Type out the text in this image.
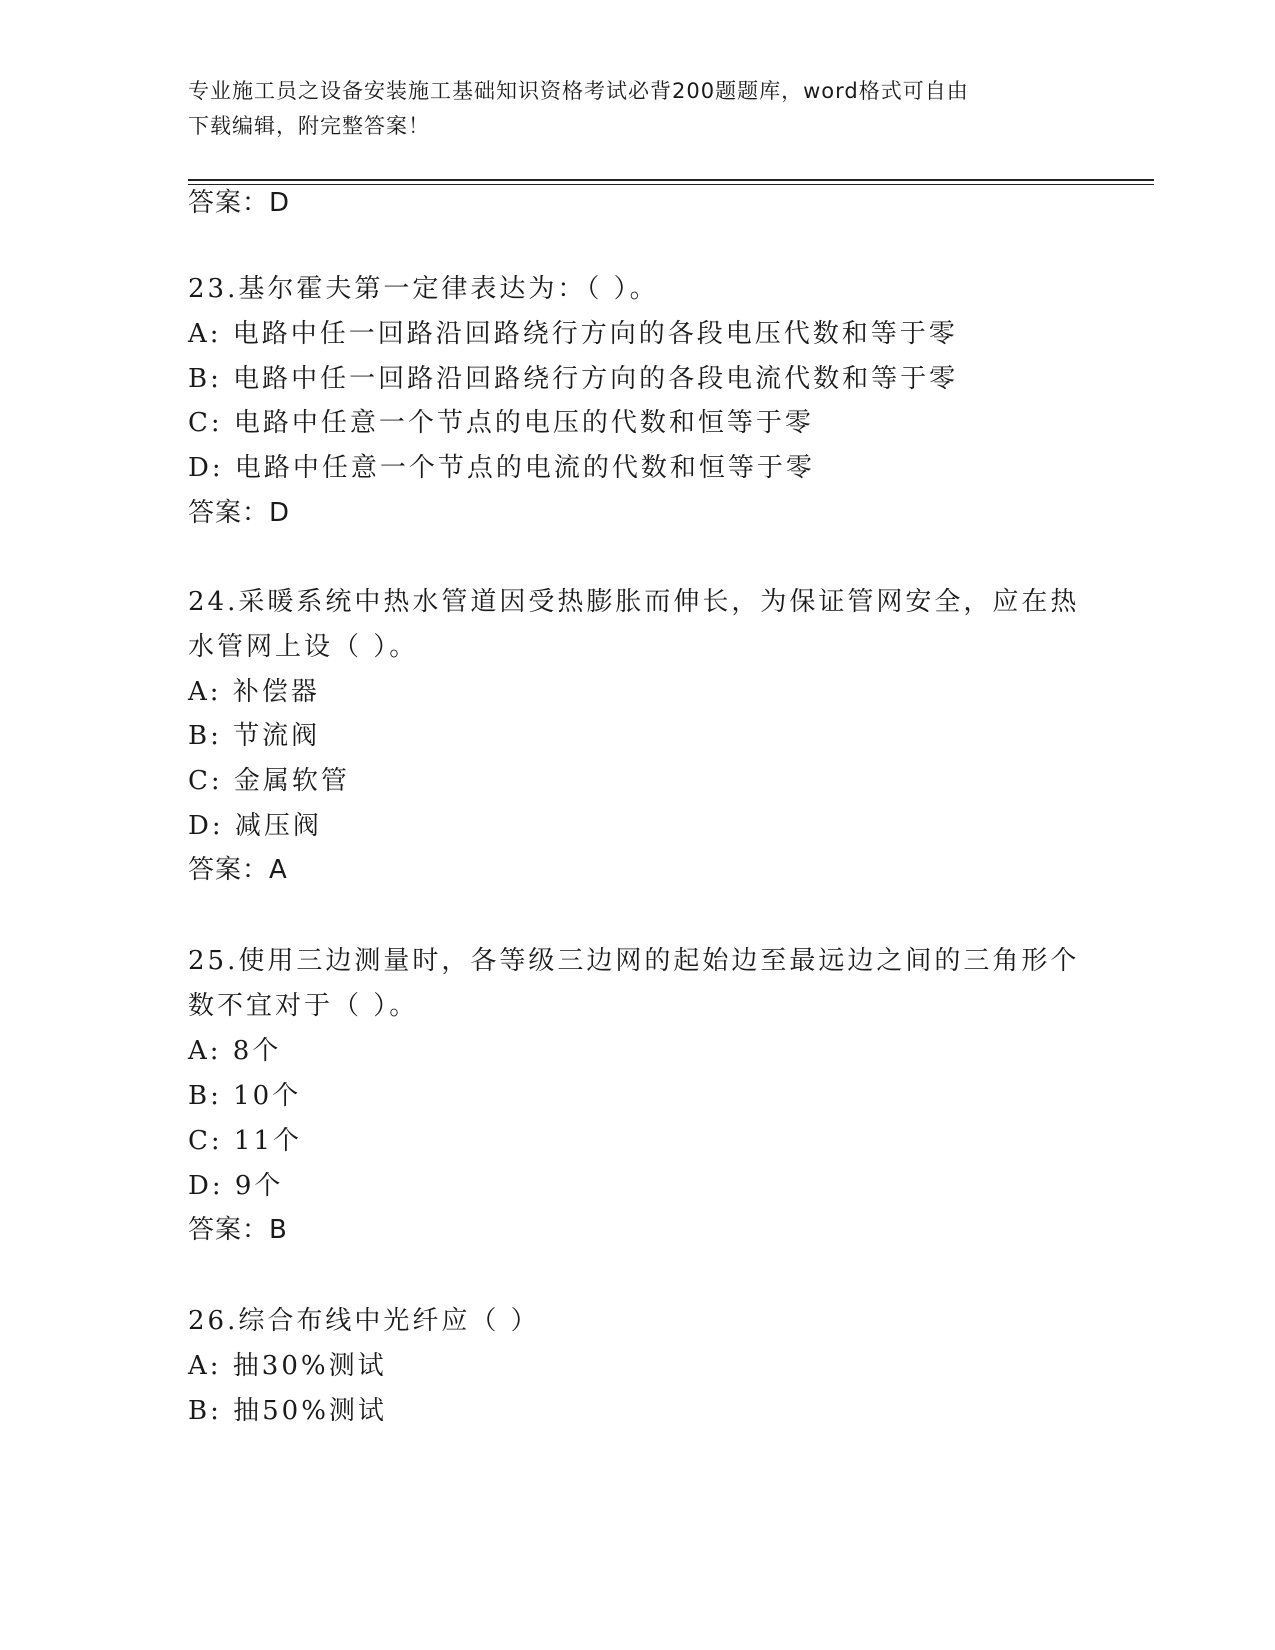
专业施工员之设备安装施工基础知识资格考试必背200题题库，word格式可自由
下载编辑，附完整答案！
答案：D
23.基尔霍夫第一定律表达为：（ ）。
A: 电路中任一回路沿回路绕行方向的各段电压代数和等于零
B: 电路中任一回路沿回路绕行方向的各段电流代数和等于零
C: 电路中任意一个节点的电压的代数和恒等于零
D: 电路中任意一个节点的电流的代数和恒等于零
答案：D
24.采暖系统中热水管道因受热膨胀而伸长，为保证管网安全，应在热
水管网上设（ ）。
A: 补偿器
B: 节流阀
C: 金属软管
D: 减压阀
答案：A
25.使用三边测量时，各等级三边网的起始边至最远边之间的三角形个
数不宜对于（ ）。
A: 8个
B: 10个
C: 11个
D: 9个
答案：B
26.综合布线中光纤应（ ）
A: 抽30%测试
B: 抽50%测试
